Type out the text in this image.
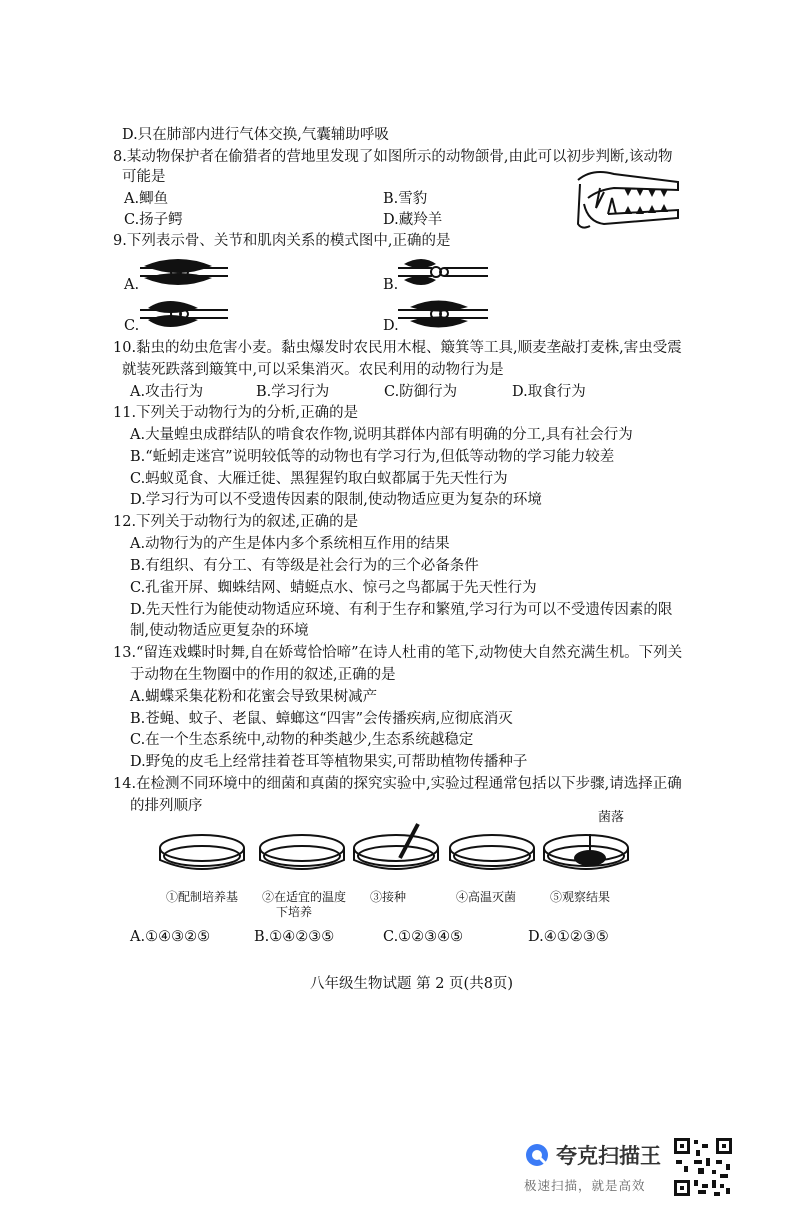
D.只在肺部内进行气体交换,气囊辅助呼吸
8.某动物保护者在偷猎者的营地里发现了如图所示的动物颌骨,由此可以初步判断,该动物
可能是
A.鲫鱼	B.雪豹
C.扬子鳄	D.藏羚羊
9.下列表示骨、关节和肌肉关系的模式图中,正确的是
A.	B.
C.	D.
10.黏虫的幼虫危害小麦。黏虫爆发时农民用木棍、簸箕等工具,顺麦垄敲打麦株,害虫受震
就装死跌落到簸箕中,可以采集消灭。农民利用的动物行为是
A.攻击行为	B.学习行为	C.防御行为	D.取食行为
11.下列关于动物行为的分析,正确的是
A.大量蝗虫成群结队的啃食农作物,说明其群体内部有明确的分工,具有社会行为
B.“蚯蚓走迷宫”说明较低等的动物也有学习行为,但低等动物的学习能力较差
C.蚂蚁觅食、大雁迁徙、黑猩猩钓取白蚁都属于先天性行为
D.学习行为可以不受遗传因素的限制,使动物适应更为复杂的环境
12.下列关于动物行为的叙述,正确的是
A.动物行为的产生是体内多个系统相互作用的结果
B.有组织、有分工、有等级是社会行为的三个必备条件
C.孔雀开屏、蜘蛛结网、蜻蜓点水、惊弓之鸟都属于先天性行为
D.先天性行为能使动物适应环境、有利于生存和繁殖,学习行为可以不受遗传因素的限
制,使动物适应更复杂的环境
13.“留连戏蝶时时舞,自在娇莺恰恰啼”在诗人杜甫的笔下,动物使大自然充满生机。下列关
于动物在生物圈中的作用的叙述,正确的是
A.蝴蝶采集花粉和花蜜会导致果树减产
B.苍蝇、蚊子、老鼠、蟑螂这“四害”会传播疾病,应彻底消灭
C.在一个生态系统中,动物的种类越少,生态系统越稳定
D.野兔的皮毛上经常挂着苍耳等植物果实,可帮助植物传播种子
14.在检测不同环境中的细菌和真菌的探究实验中,实验过程通常包括以下步骤,请选择正确
的排列顺序
菌落
①配制培养基 ②在适宜的温度
下培养
③接种	④高温灭菌	⑤观察结果
A.①④③②⑤	B.①④②③⑤	C.①②③④⑤	D.④①②③⑤
八年级生物试题 第 2 页(共8页)
夸克扫描王
极速扫描，就是高效
